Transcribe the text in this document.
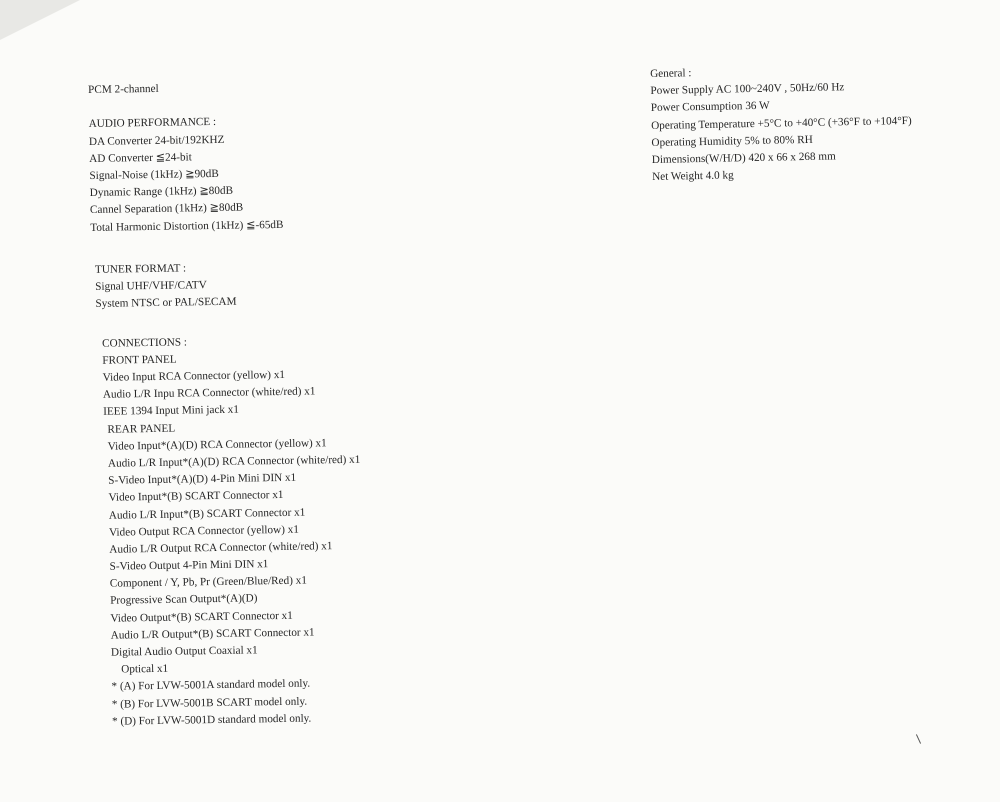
PCM 2-channel
AUDIO PERFORMANCE :
DA Converter 24-bit/192KHZ
AD Converter ≦24-bit
Signal-Noise (1kHz) ≧90dB
Dynamic Range (1kHz) ≧80dB
Cannel Separation (1kHz) ≧80dB
Total Harmonic Distortion (1kHz) ≦-65dB
TUNER FORMAT :
Signal UHF/VHF/CATV
System NTSC or PAL/SECAM
CONNECTIONS :
FRONT PANEL
Video Input RCA Connector (yellow) x1
Audio L/R Inpu RCA Connector (white/red) x1
IEEE 1394 Input Mini jack x1
REAR PANEL
Video Input*(A)(D) RCA Connector (yellow) x1
Audio L/R Input*(A)(D) RCA Connector (white/red) x1
S-Video Input*(A)(D) 4-Pin Mini DIN x1
Video Input*(B) SCART Connector x1
Audio L/R Input*(B) SCART Connector x1
Video Output RCA Connector (yellow) x1
Audio L/R Output RCA Connector (white/red) x1
S-Video Output 4-Pin Mini DIN x1
Component / Y, Pb, Pr (Green/Blue/Red) x1
Progressive Scan Output*(A)(D)
Video Output*(B) SCART Connector x1
Audio L/R Output*(B) SCART Connector x1
Digital Audio Output Coaxial x1
Optical x1
* (A) For LVW-5001A standard model only.
* (B) For LVW-5001B SCART model only.
* (D) For LVW-5001D standard model only.
General :
Power Supply AC 100~240V , 50Hz/60 Hz
Power Consumption 36 W
Operating Temperature +5°C to +40°C (+36°F to +104°F)
Operating Humidity 5% to 80% RH
Dimensions(W/H/D) 420 x 66 x 268 mm
Net Weight 4.0 kg
